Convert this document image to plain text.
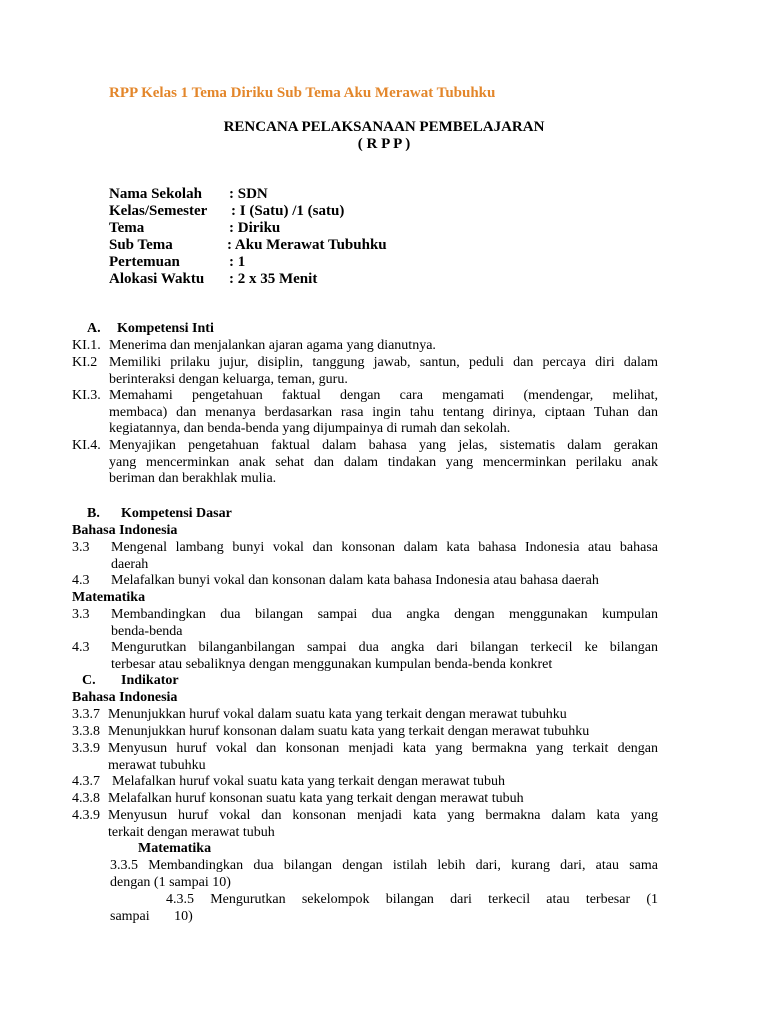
RPP Kelas 1 Tema Diriku Sub Tema Aku Merawat Tubuhku
RENCANA PELAKSANAAN PEMBELAJARAN
( R P P )
Nama Sekolah : SDN
Kelas/Semester : I (Satu) /1 (satu)
Tema	: Diriku
Sub Tema	: Aku Merawat Tubuhku
Pertemuan	: 1
Alokasi Waktu : 2 x 35 Menit
A. Kompetensi Inti
KI.1. Menerima dan menjalankan ajaran agama yang dianutnya.
KI.2 Memiliki prilaku jujur, disiplin, tanggung jawab, santun, peduli dan percaya diri dalam
berinteraksi dengan keluarga, teman, guru.
KI.3. Memahami pengetahuan faktual dengan cara mengamati (mendengar, melihat,
membaca) dan menanya berdasarkan rasa ingin tahu tentang dirinya, ciptaan Tuhan dan
kegiatannya, dan benda-benda yang dijumpainya di rumah dan sekolah.
KI.4. Menyajikan pengetahuan faktual dalam bahasa yang jelas, sistematis dalam gerakan
yang mencerminkan anak sehat dan dalam tindakan yang mencerminkan perilaku anak
beriman dan berakhlak mulia.
B. Kompetensi Dasar
Bahasa Indonesia
3.3 Mengenal lambang bunyi vokal dan konsonan dalam kata bahasa Indonesia atau bahasa
daerah
4.3 Melafalkan bunyi vokal dan konsonan dalam kata bahasa Indonesia atau bahasa daerah
Matematika
3.3 Membandingkan dua bilangan sampai dua angka dengan menggunakan kumpulan
benda-benda
4.3 Mengurutkan bilanganbilangan sampai dua angka dari bilangan terkecil ke bilangan
terbesar atau sebaliknya dengan menggunakan kumpulan benda-benda konkret
C. Indikator
Bahasa Indonesia
3.3.7 Menunjukkan huruf vokal dalam suatu kata yang terkait dengan merawat tubuhku
3.3.8 Menunjukkan huruf konsonan dalam suatu kata yang terkait dengan merawat tubuhku
3.3.9 Menyusun huruf vokal dan konsonan menjadi kata yang bermakna yang terkait dengan
merawat tubuhku
4.3.7 Melafalkan huruf vokal suatu kata yang terkait dengan merawat tubuh
4.3.8 Melafalkan huruf konsonan suatu kata yang terkait dengan merawat tubuh
4.3.9 Menyusun huruf vokal dan konsonan menjadi kata yang bermakna dalam kata yang
terkait dengan merawat tubuh
Matematika
3.3.5 Membandingkan dua bilangan dengan istilah lebih dari, kurang dari, atau sama
dengan (1 sampai 10)
4.3.5 Mengurutkan sekelompok bilangan dari terkecil atau terbesar (1
sampai       10)
